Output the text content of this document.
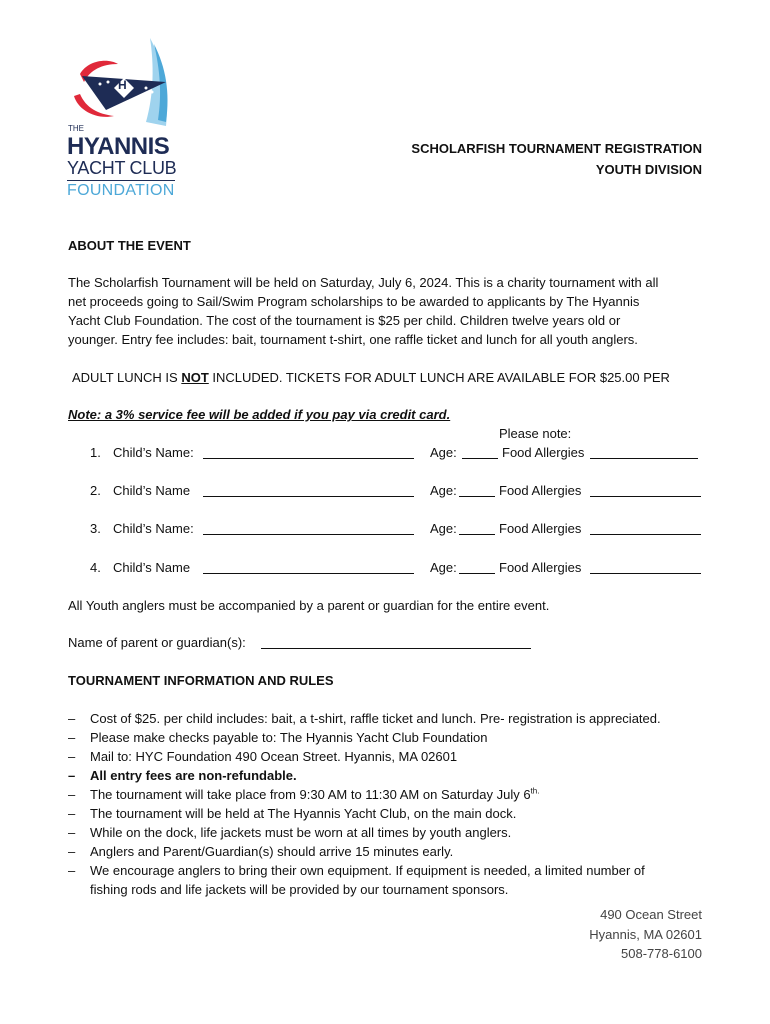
H
THE
HYANNIS
YACHT CLUB
FOUNDATION
SCHOLARFISH TOURNAMENT REGISTRATION
YOUTH DIVISION
ABOUT THE EVENT
The Scholarfish Tournament will be held on Saturday, July 6, 2024. This is a charity tournament with all
net proceeds going to Sail/Swim Program scholarships to be awarded to applicants by The Hyannis
Yacht Club Foundation. The cost of the tournament is $25 per child. Children twelve years old or
younger. Entry fee includes: bait, tournament t-shirt, one raffle ticket and lunch for all youth anglers.
ADULT LUNCH IS NOT INCLUDED. TICKETS FOR ADULT LUNCH ARE AVAILABLE FOR $25.00 PER
Note: a 3% service fee will be added if you pay via credit card.
Please note:
1. Child’s Name:	Age:	Food Allergies
2. Child’s Name	Age:	Food Allergies
3. Child’s Name:	Age:	Food Allergies
4. Child’s Name	Age:	Food Allergies
All Youth anglers must be accompanied by a parent or guardian for the entire event.
Name of parent or guardian(s):
TOURNAMENT INFORMATION AND RULES
– Cost of $25. per child includes: bait, a t-shirt, raffle ticket and lunch. Pre- registration is appreciated.
– Please make checks payable to: The Hyannis Yacht Club Foundation
– Mail to: HYC Foundation 490 Ocean Street. Hyannis, MA 02601
– All entry fees are non-refundable.
– The tournament will take place from 9:30 AM to 11:30 AM on Saturday July $6^{th.}$
– The tournament will be held at The Hyannis Yacht Club, on the main dock.
– While on the dock, life jackets must be worn at all times by youth anglers.
– Anglers and Parent/Guardian(s) should arrive 15 minutes early.
– We encourage anglers to bring their own equipment. If equipment is needed, a limited number of
fishing rods and life jackets will be provided by our tournament sponsors.
490 Ocean Street
Hyannis, MA 02601
508-778-6100
